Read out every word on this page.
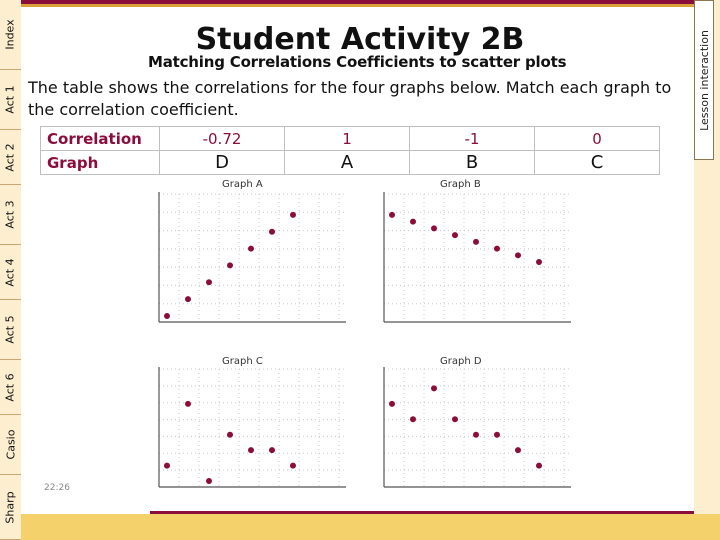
Index
Act 1
Act 2
Act 3
Act 4
Act 5
Act 6
Casio
Sharp
Lesson interaction
Student Activity 2B
Matching Correlations Coefficients to scatter plots
The table shows the correlations for the four graphs below. Match each graph to the correlation coefficient.
Correlation	-0.72	1	-1	0
Graph	D	A	B	C
Graph A	Graph B
Graph C	Graph D
22:26
